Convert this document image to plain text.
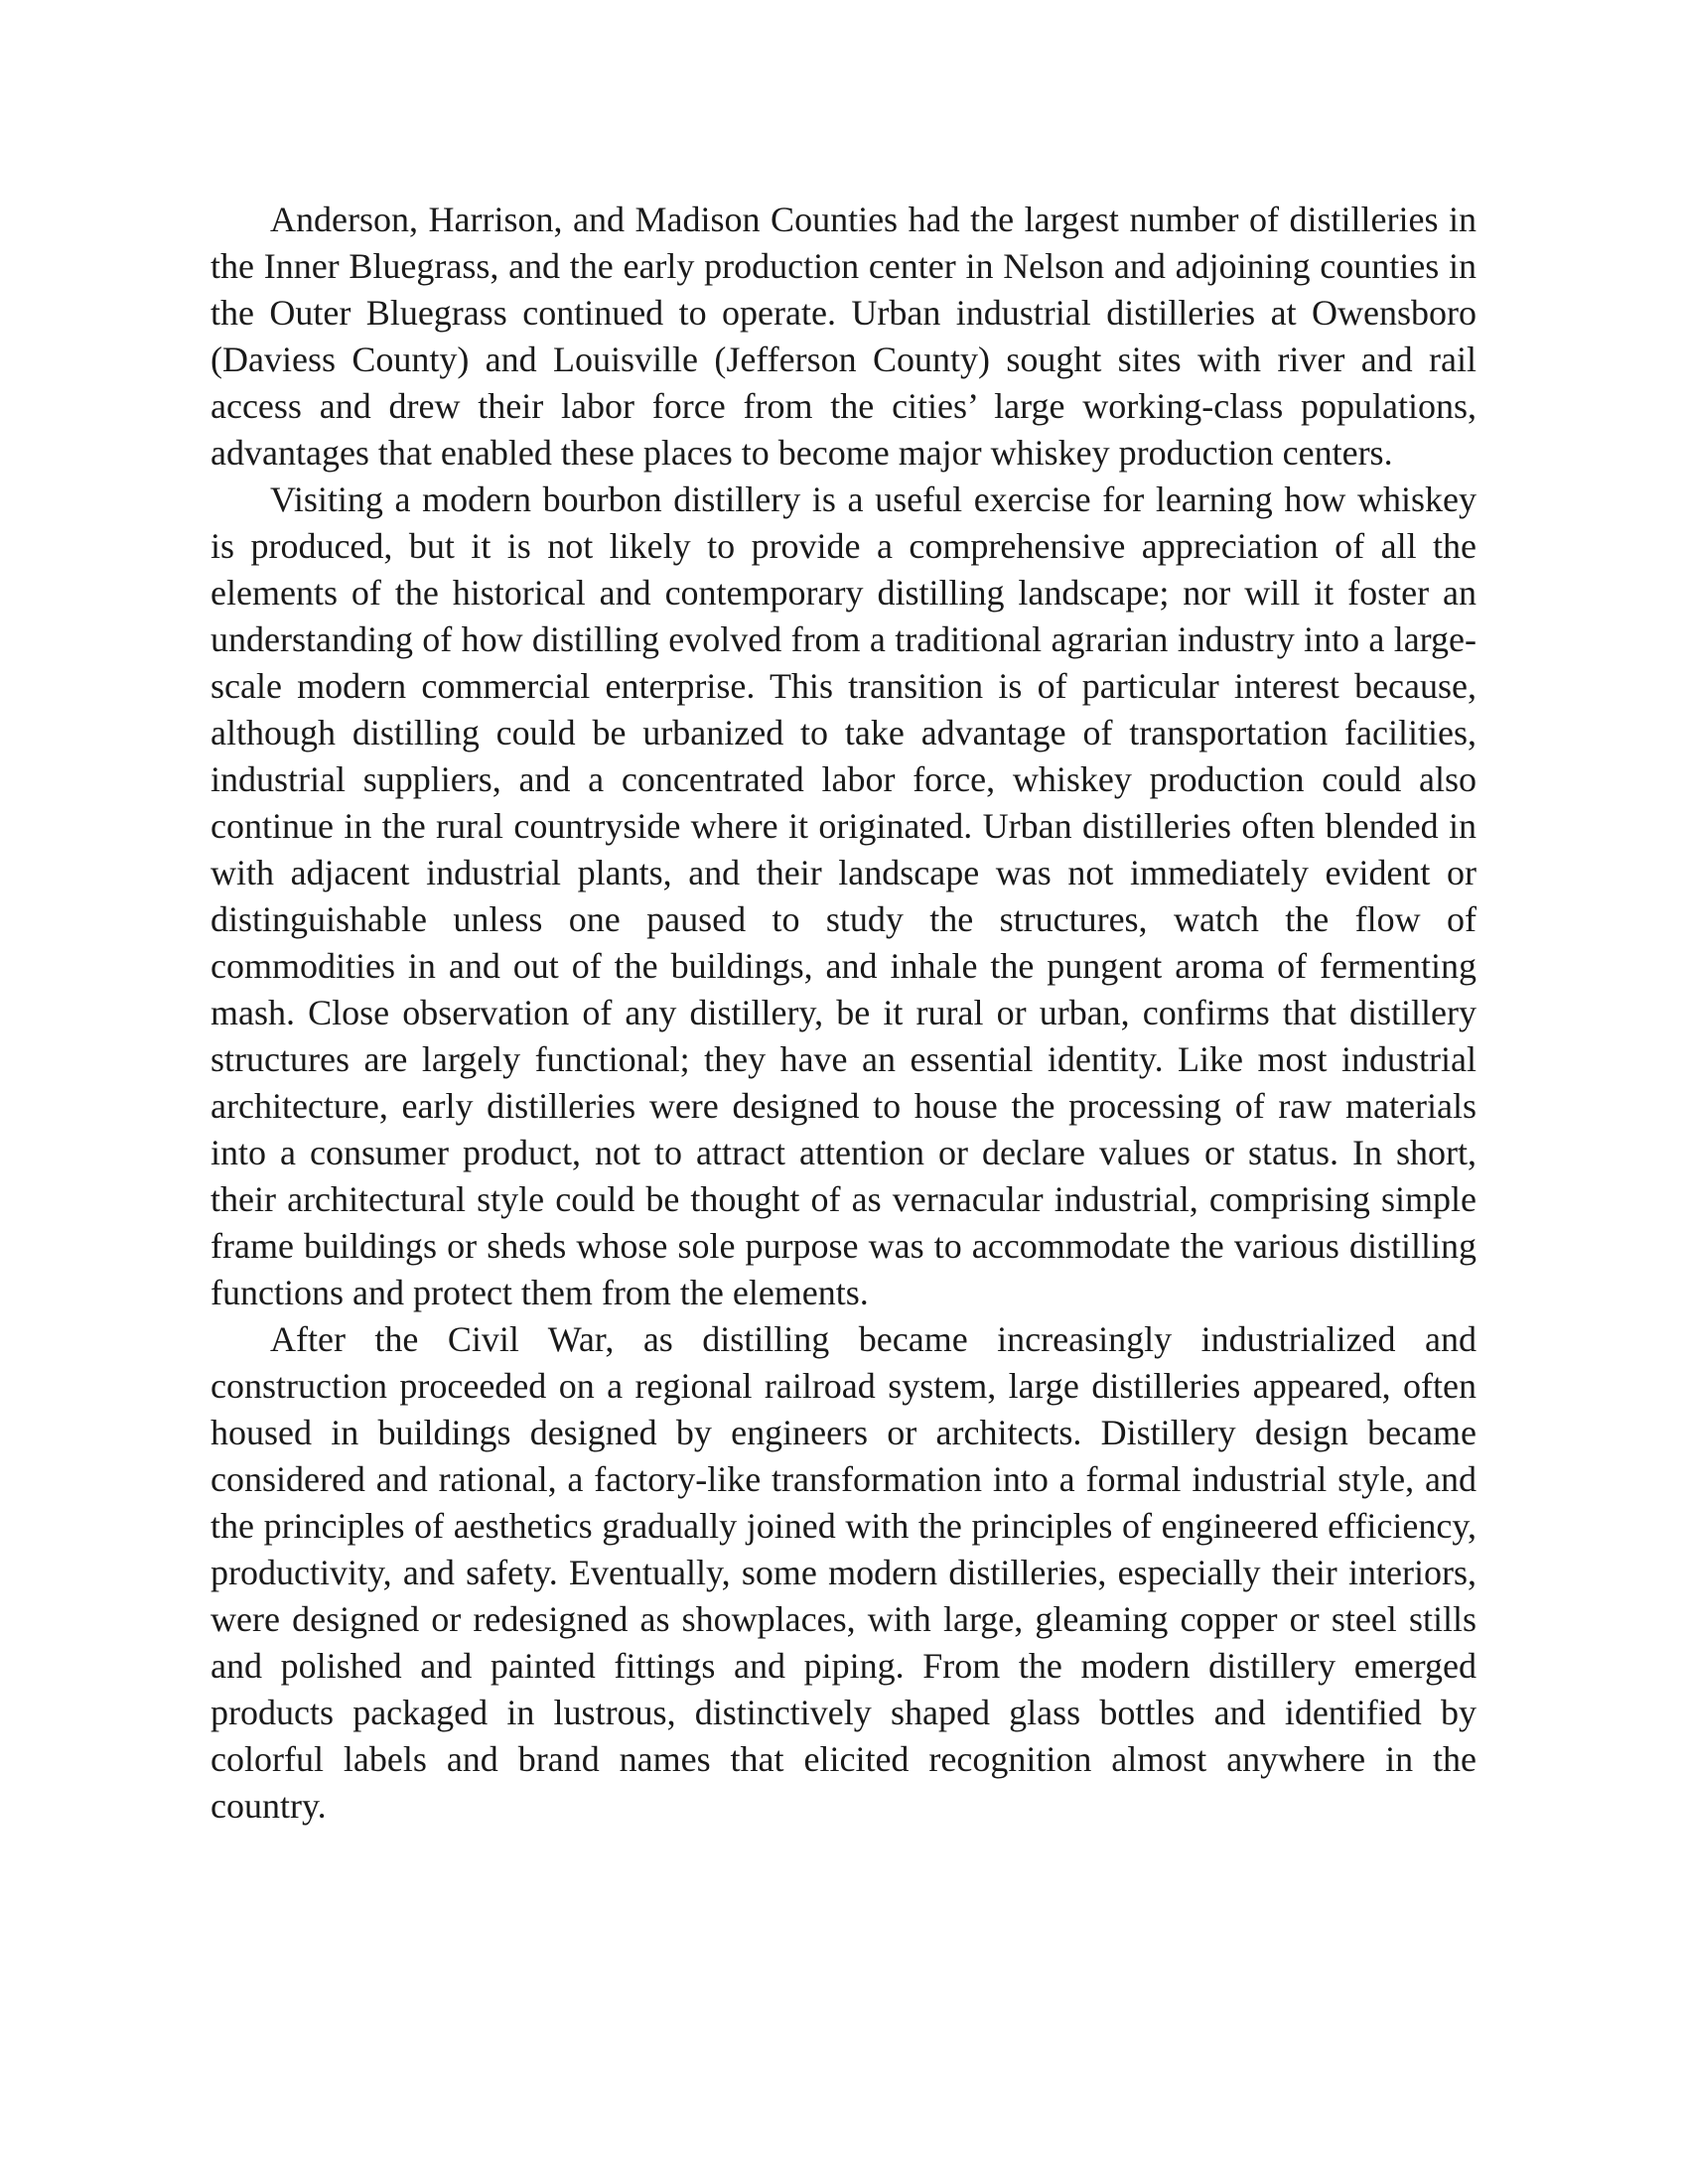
Anderson, Harrison, and Madison Counties had the largest number of distilleries in the Inner Bluegrass, and the early production center in Nelson and adjoining counties in the Outer Bluegrass continued to operate. Urban industrial distilleries at Owensboro (Daviess County) and Louisville (Jefferson County) sought sites with river and rail access and drew their labor force from the cities’ large working-class populations, advantages that enabled these places to become major whiskey production centers.

Visiting a modern bourbon distillery is a useful exercise for learning how whiskey is produced, but it is not likely to provide a comprehensive appreciation of all the elements of the historical and contemporary distilling landscape; nor will it foster an understanding of how distilling evolved from a traditional agrarian industry into a large-scale modern commercial enterprise. This transition is of particular interest because, although distilling could be urbanized to take advantage of transportation facilities, industrial suppliers, and a concentrated labor force, whiskey production could also continue in the rural countryside where it originated. Urban distilleries often blended in with adjacent industrial plants, and their landscape was not immediately evident or distinguishable unless one paused to study the structures, watch the flow of commodities in and out of the buildings, and inhale the pungent aroma of fermenting mash. Close observation of any distillery, be it rural or urban, confirms that distillery structures are largely functional; they have an essential identity. Like most industrial architecture, early distilleries were designed to house the processing of raw materials into a consumer product, not to attract attention or declare values or status. In short, their architectural style could be thought of as vernacular industrial, comprising simple frame buildings or sheds whose sole purpose was to accommodate the various distilling functions and protect them from the elements.

After the Civil War, as distilling became increasingly industrialized and construction proceeded on a regional railroad system, large distilleries appeared, often housed in buildings designed by engineers or architects. Distillery design became considered and rational, a factory-like transformation into a formal industrial style, and the principles of aesthetics gradually joined with the principles of engineered efficiency, productivity, and safety. Eventually, some modern distilleries, especially their interiors, were designed or redesigned as showplaces, with large, gleaming copper or steel stills and polished and painted fittings and piping. From the modern distillery emerged products packaged in lustrous, distinctively shaped glass bottles and identified by colorful labels and brand names that elicited recognition almost anywhere in the country.
